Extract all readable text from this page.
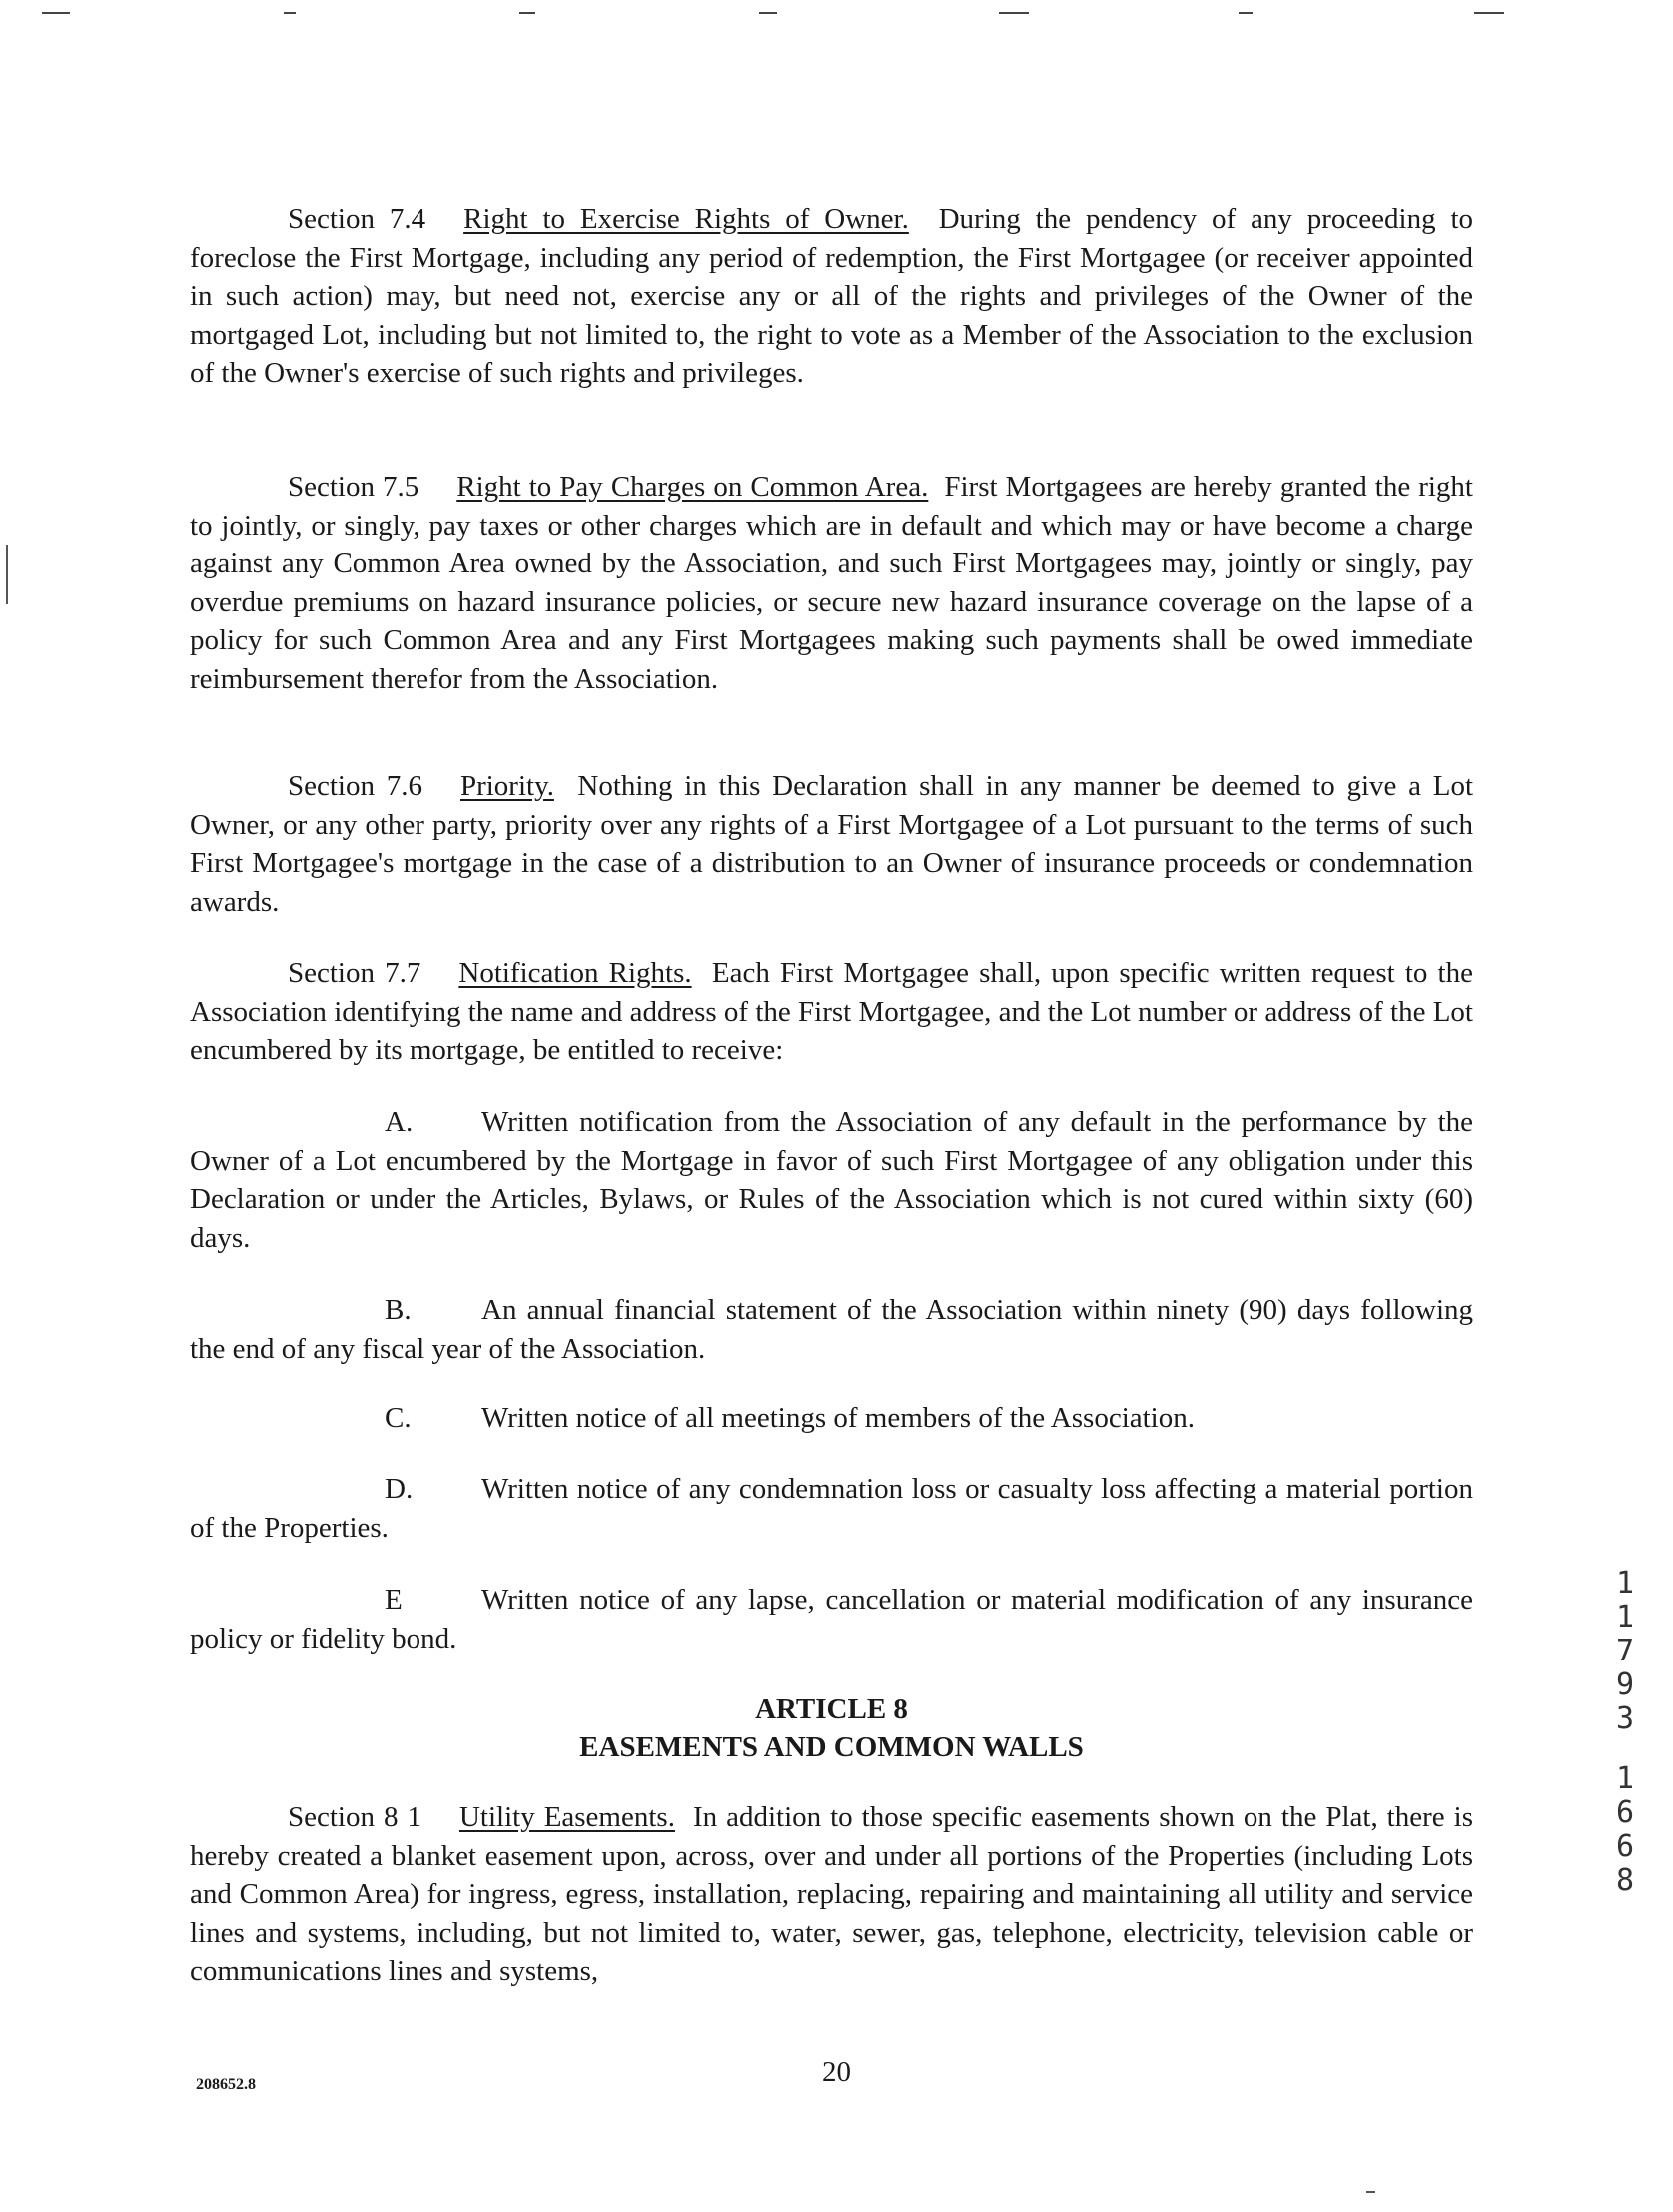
Section 7.4 Right to Exercise Rights of Owner. During the pendency of any proceeding to foreclose the First Mortgage, including any period of redemption, the First Mortgagee (or receiver appointed in such action) may, but need not, exercise any or all of the rights and privileges of the Owner of the mortgaged Lot, including but not limited to, the right to vote as a Member of the Association to the exclusion of the Owner's exercise of such rights and privileges.

Section 7.5 Right to Pay Charges on Common Area. First Mortgagees are hereby granted the right to jointly, or singly, pay taxes or other charges which are in default and which may or have become a charge against any Common Area owned by the Association, and such First Mortgagees may, jointly or singly, pay overdue premiums on hazard insurance policies, or secure new hazard insurance coverage on the lapse of a policy for such Common Area and any First Mortgagees making such payments shall be owed immediate reimbursement therefor from the Association.

Section 7.6 Priority. Nothing in this Declaration shall in any manner be deemed to give a Lot Owner, or any other party, priority over any rights of a First Mortgagee of a Lot pursuant to the terms of such First Mortgagee's mortgage in the case of a distribution to an Owner of insurance proceeds or condemnation awards.

Section 7.7 Notification Rights. Each First Mortgagee shall, upon specific written request to the Association identifying the name and address of the First Mortgagee, and the Lot number or address of the Lot encumbered by its mortgage, be entitled to receive:

A. Written notification from the Association of any default in the performance by the Owner of a Lot encumbered by the Mortgage in favor of such First Mortgagee of any obligation under this Declaration or under the Articles, Bylaws, or Rules of the Association which is not cured within sixty (60) days.

B. An annual financial statement of the Association within ninety (90) days following the end of any fiscal year of the Association.

C. Written notice of all meetings of members of the Association.

D. Written notice of any condemnation loss or casualty loss affecting a material portion of the Properties.

E	Written notice of any lapse, cancellation or material modification of any insurance policy or fidelity bond.

ARTICLE 8
EASEMENTS AND COMMON WALLS

Section 8 1 Utility Easements. In addition to those specific easements shown on the Plat, there is hereby created a blanket easement upon, across, over and under all portions of the Properties (including Lots and Common Area) for ingress, egress, installation, replacing, repairing and maintaining all utility and service lines and systems, including, but not limited to, water, sewer, gas, telephone, electricity, television cable or communications lines and systems,

1
1
7
9
3
1
6
6
8
208652.8	20
